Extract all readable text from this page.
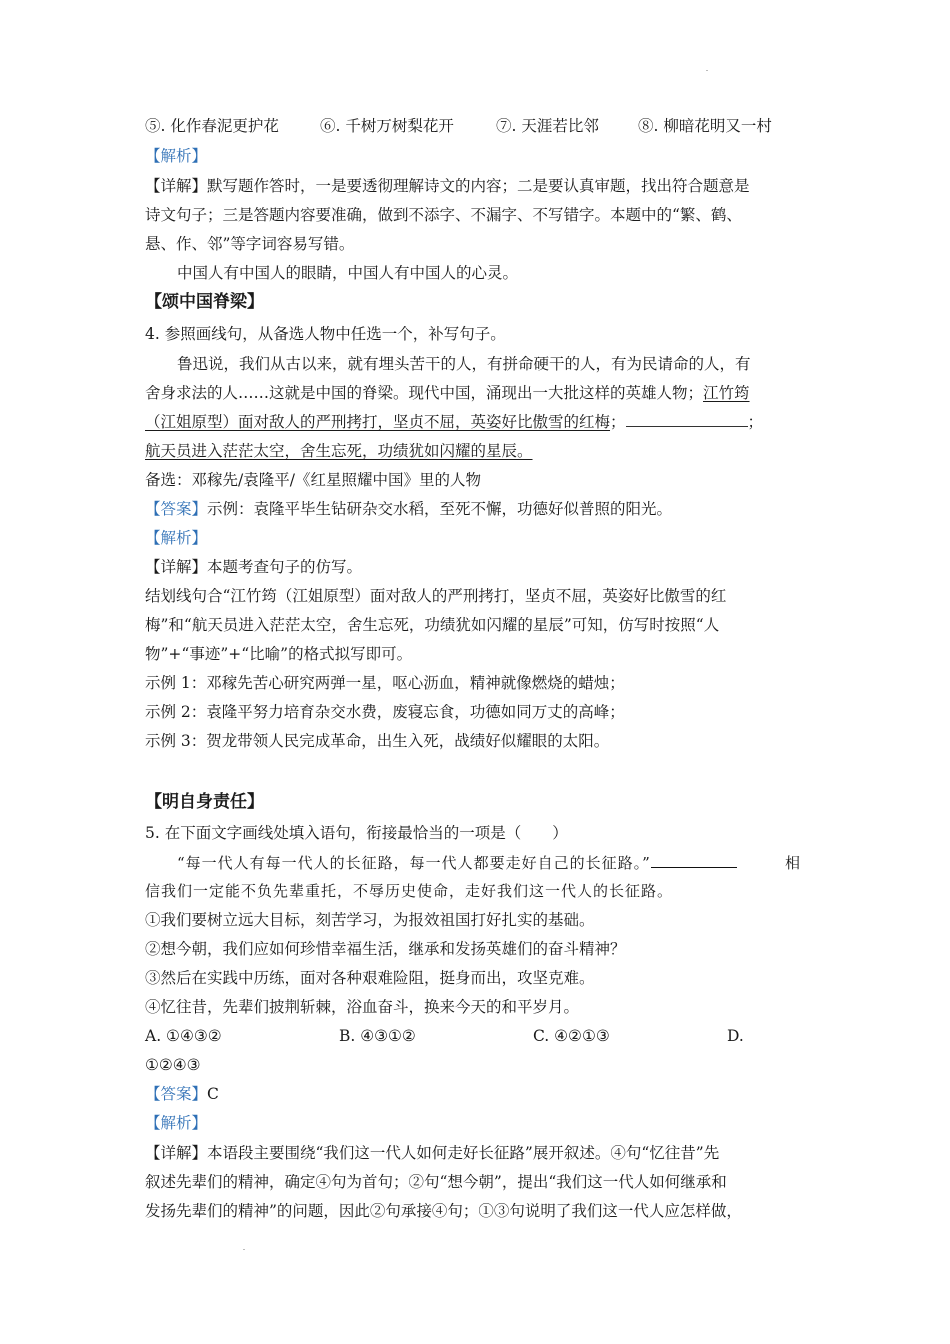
⑤. 化作春泥更护花	⑥. 千树万树梨花开	⑦. 天涯若比邻	⑧. 柳暗花明又一村
【解析】
【详解】默写题作答时，一是要透彻理解诗文的内容；二是要认真审题，找出符合题意是
诗文句子；三是答题内容要准确，做到不添字、不漏字、不写错字。本题中的“繁、鹤、
悬、作、邻”等字词容易写错。
中国人有中国人的眼睛，中国人有中国人的心灵。
【颂中国脊梁】
4. 参照画线句，从备选人物中任选一个，补写句子。
鲁迅说，我们从古以来，就有埋头苦干的人，有拼命硬干的人，有为民请命的人，有
舍身求法的人……这就是中国的脊梁。现代中国，涌现出一大批这样的英雄人物；江竹筠
（江姐原型）面对敌人的严刑拷打，坚贞不屈，英姿好比傲雪的红梅；	；
航天员进入茫茫太空，舍生忘死，功绩犹如闪耀的星辰。
备选：邓稼先/袁隆平/《红星照耀中国》里的人物
【答案】示例：袁隆平毕生钻研杂交水稻，至死不懈，功德好似普照的阳光。
【解析】
【详解】本题考查句子的仿写。
结划线句合“江竹筠（江姐原型）面对敌人的严刑拷打，坚贞不屈，英姿好比傲雪的红
梅”和“航天员进入茫茫太空，舍生忘死，功绩犹如闪耀的星辰”可知，仿写时按照“人
物”+“事迹”+“比喻”的格式拟写即可。
示例 1：邓稼先苦心研究两弹一星，呕心沥血，精神就像燃烧的蜡烛；
示例 2：袁隆平努力培育杂交水费，废寝忘食，功德如同万丈的高峰；
示例 3：贺龙带领人民完成革命，出生入死，战绩好似耀眼的太阳。
【明自身责任】
5. 在下面文字画线处填入语句，衔接最恰当的一项是（　　）
“每一代人有每一代人的长征路，每一代人都要走好自己的长征路。”	相
信我们一定能不负先辈重托，不辱历史使命，走好我们这一代人的长征路。
①我们要树立远大目标，刻苦学习，为报效祖国打好扎实的基础。
②想今朝，我们应如何珍惜幸福生活，继承和发扬英雄们的奋斗精神？
③然后在实践中历练，面对各种艰难险阻，挺身而出，攻坚克难。
④忆往昔，先辈们披荆斩棘，浴血奋斗，换来今天的和平岁月。
A. ①④③②	B. ④③①②	C. ④②①③	D.
①②④③
【答案】C
【解析】
【详解】本语段主要围绕“我们这一代人如何走好长征路”展开叙述。④句“忆往昔”先
叙述先辈们的精神，确定④句为首句；②句“想今朝”，提出“我们这一代人如何继承和
发扬先辈们的精神”的问题，因此②句承接④句；①③句说明了我们这一代人应怎样做，
